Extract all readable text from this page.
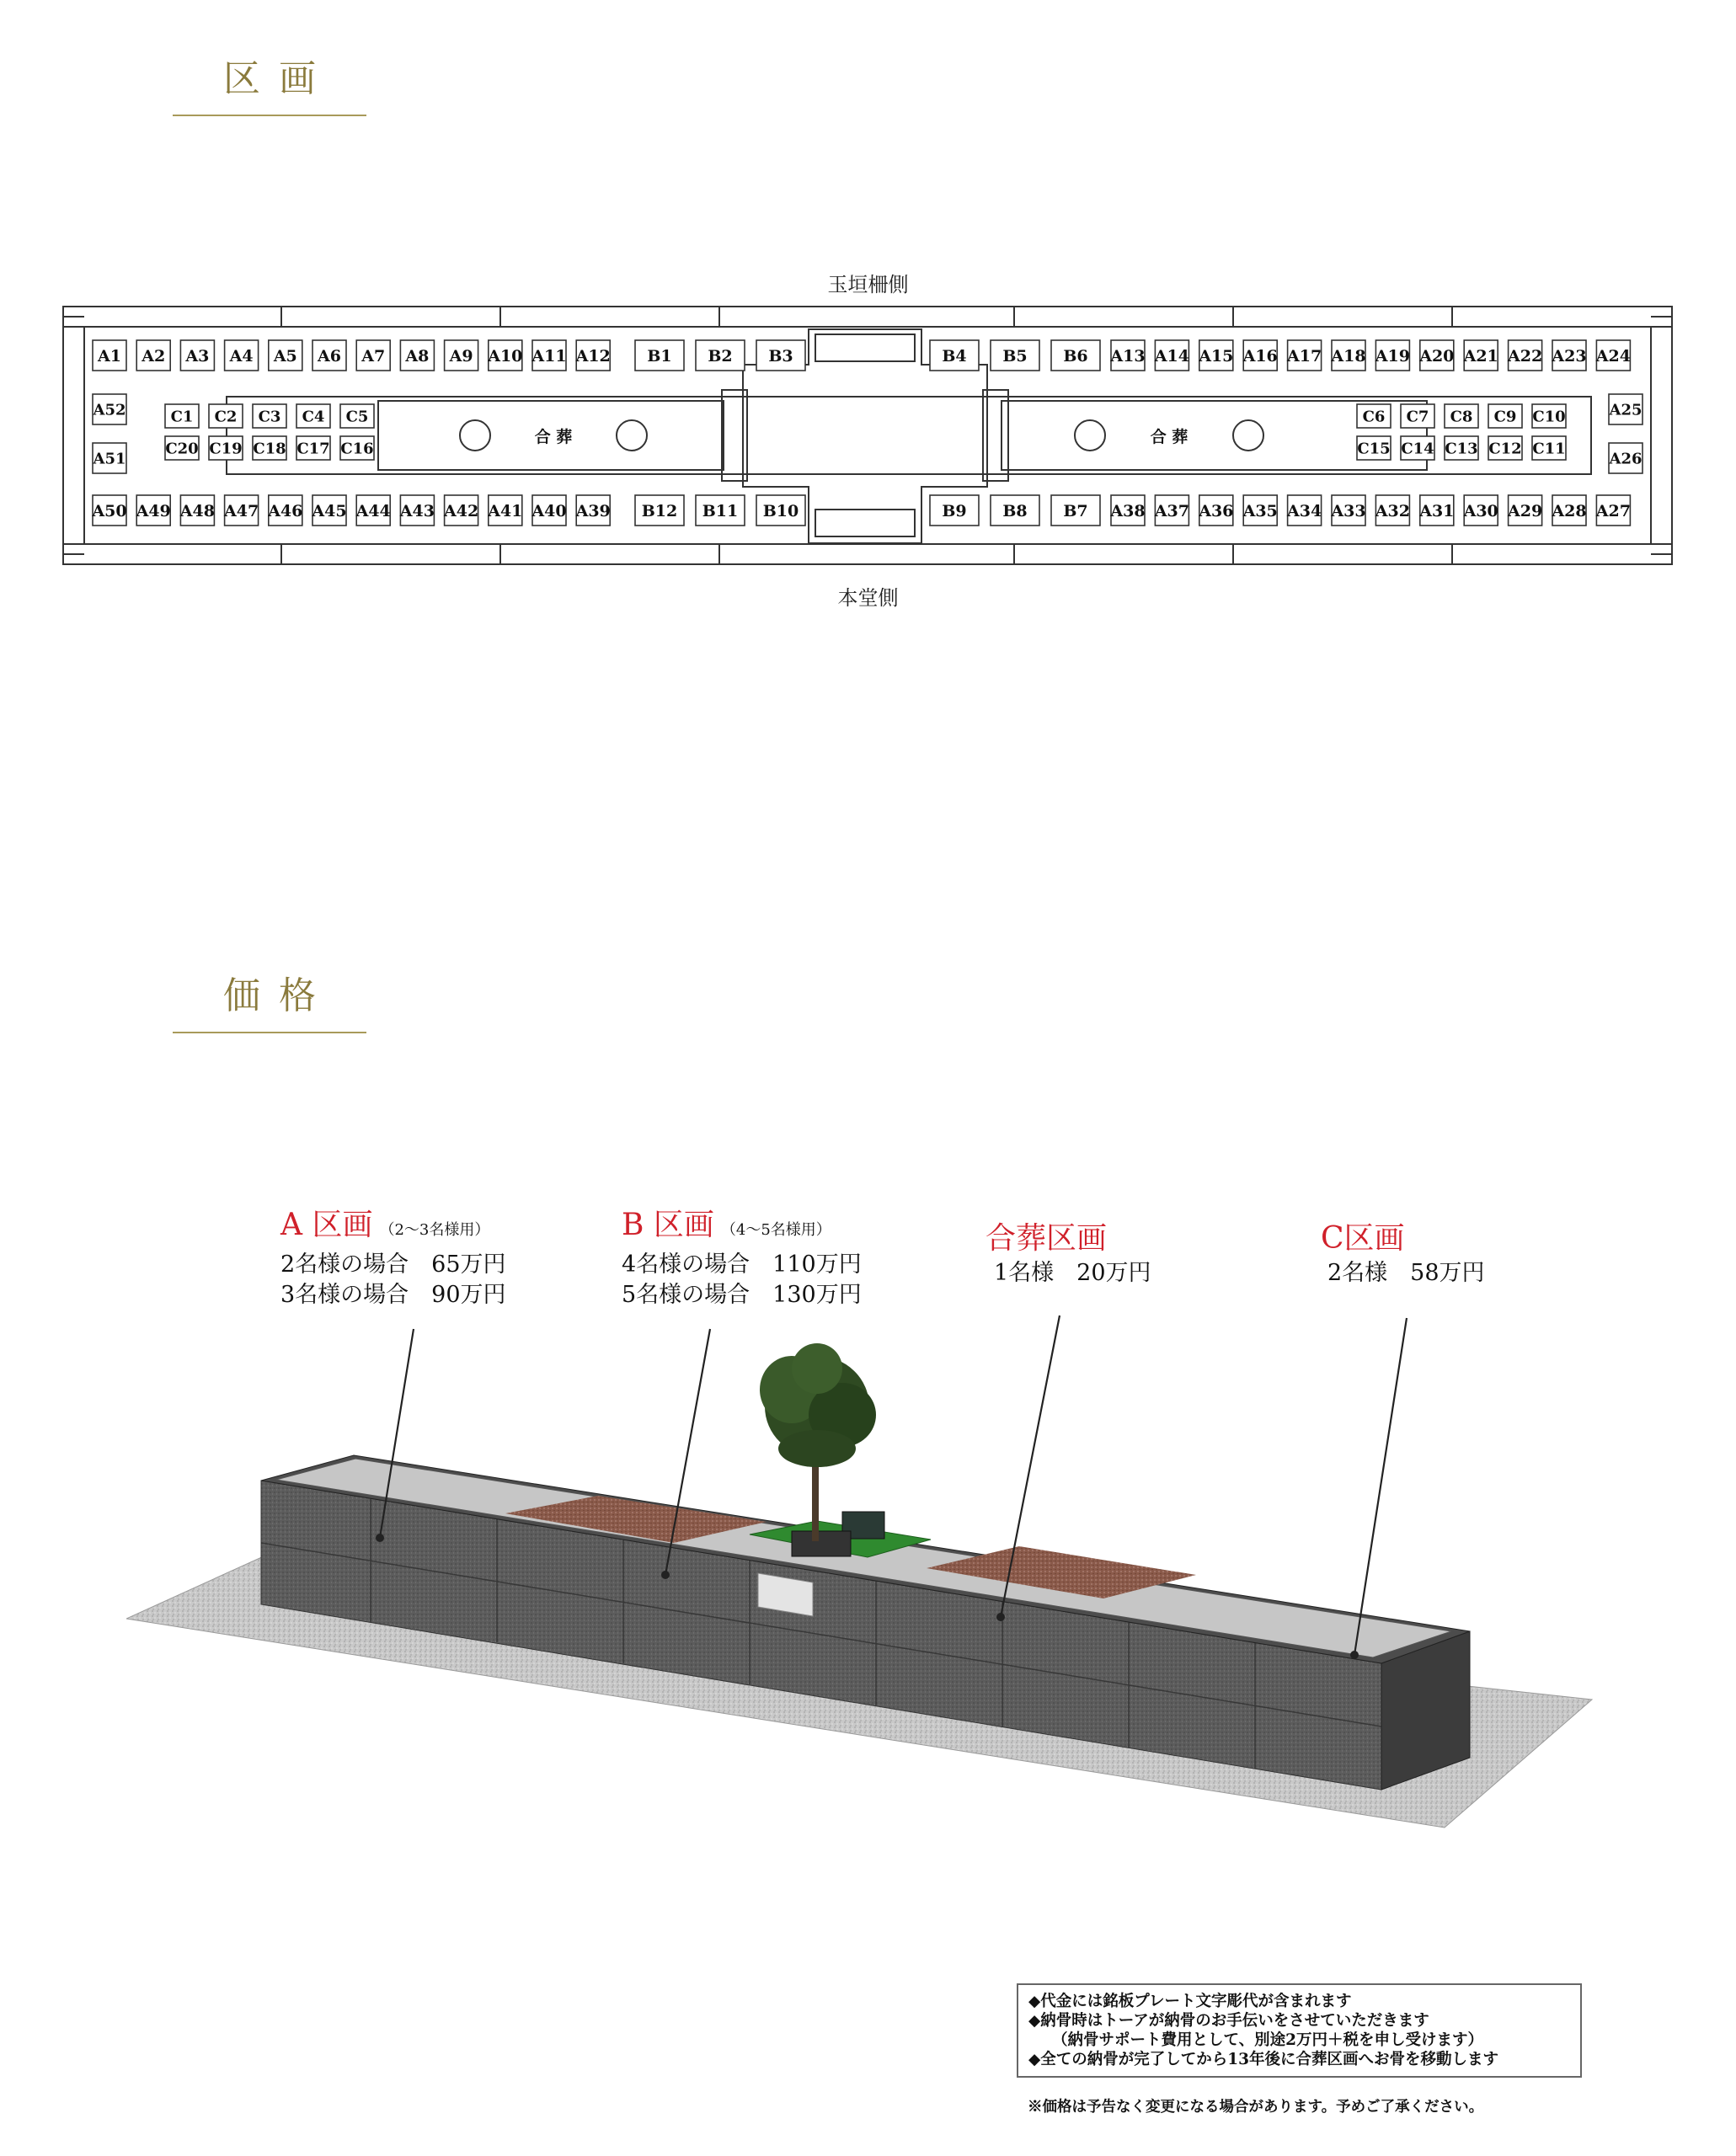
区画
玉垣柵側
A1 A2 A3 A4 A5 A6 A7 A8 A9 A10 A11 A12 B1 B2 B3	B4 B5 B6 A13 A14 A15 A16 A17 A18 A19 A20 A21 A22 A23 A24
A50 A49 A48 A47 A46 A45 A44 A43 A42 A41 A40 A39 B12 B11 B10	B9 B8 B7 A38 A37 A36 A35 A34 A33 A32 A31 A30 A29 A28 A27
A52
A51
A25
A26
C1 C2 C3 C4 C5
C20 C19 C18 C17 C16
C6 C7 C8 C9 C10
C15 C14 C13 C12 C11
合 葬	合 葬
本堂側
価格
A 区画 （2〜3名様用）
2名様の場合　65万円
3名様の場合　90万円
B 区画 （4〜5名様用）
4名様の場合　110万円
5名様の場合　130万円
合葬区画
1名様　20万円
C区画
2名様　58万円
◆代金には銘板プレート文字彫代が含まれます
◆納骨時はトーアが納骨のお手伝いをさせていただきます
（納骨サポート費用として、別途2万円＋税を申し受けます）
◆全ての納骨が完了してから13年後に合葬区画へお骨を移動します
※価格は予告なく変更になる場合があります。予めご了承ください。
